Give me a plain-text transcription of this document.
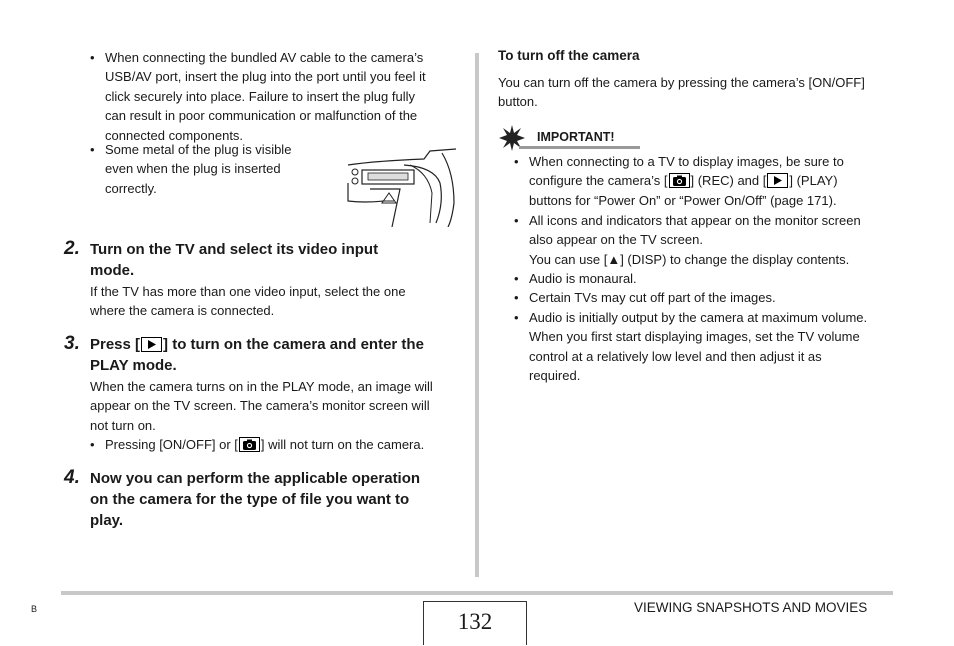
• When connecting the bundled AV cable to the camera’s
USB/AV port, insert the plug into the port until you feel it
click securely into place. Failure to insert the plug fully
can result in poor communication or malfunction of the
connected components.
• Some metal of the plug is visible
even when the plug is inserted
correctly.
2. Turn on the TV and select its video input
mode.
If the TV has more than one video input, select the one
where the camera is connected.
3. Press [ ] to turn on the camera and enter the
PLAY mode.
When the camera turns on in the PLAY mode, an image will
appear on the TV screen. The camera’s monitor screen will
not turn on.
• Pressing [ON/OFF] or [ ] will not turn on the camera.
4. Now you can perform the applicable operation
on the camera for the type of file you want to
play.
To turn off the camera
You can turn off the camera by pressing the camera’s [ON/OFF]
button.
IMPORTANT!
• When connecting to a TV to display images, be sure to
configure the camera’s [ ] (REC) and [ ] (PLAY)
buttons for “Power On” or “Power On/Off” (page 171).
• All icons and indicators that appear on the monitor screen
also appear on the TV screen.
You can use [▲] (DISP) to change the display contents.
• Audio is monaural.
• Certain TVs may cut off part of the images.
• Audio is initially output by the camera at maximum volume.
When you first start displaying images, set the TV volume
control at a relatively low level and then adjust it as
required.
B	132
VIEWING SNAPSHOTS AND MOVIES
